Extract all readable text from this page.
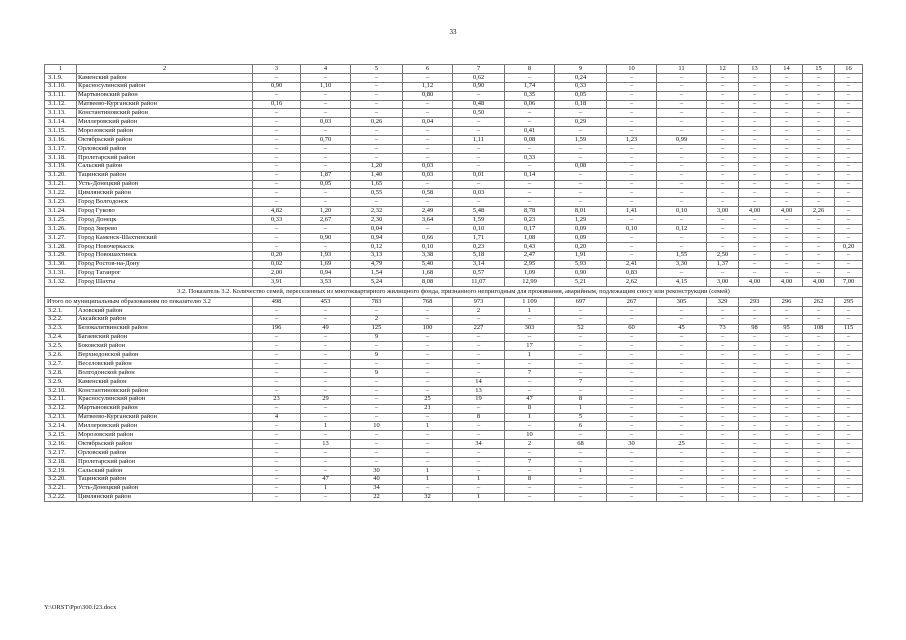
33
1	2	3	4	5	6	7	8	9	10	11	12	13	14	15	16
3.1.9.	Каменский район	–	–	–	–	0,62	–	0,24	–	–	–	–	–	–	–
3.1.10.	Красносулинский район	0,90	1,10	–	1,12	0,90	1,74	0,33	–	–	–	–	–	–	–
3.1.11.	Мартыновский район	–	–	–	0,80	–	0,35	0,05	–	–	–	–	–	–	–
3.1.12.	Матвеево-Курганский район	0,16	–	–	–	0,48	0,06	0,18	–	–	–	–	–	–	–
3.1.13.	Константиновский район	–	–	–	–	0,50	–	–	–	–	–	–	–	–	–
3.1.14.	Миллеровский район	–	0,03	0,26	0,04	–	–	0,29	–	–	–	–	–	–	–
3.1.15.	Морозовский район	–	–	–	–	–	0,41	–	–	–	–	–	–	–	–
3.1.16.	Октябрьский район	–	0,70	–	–	1,11	0,08	1,59	1,23	0,99	–	–	–	–	–
3.1.17.	Орловский район	–	–	–	–	–	–	–	–	–	–	–	–	–	–
3.1.18.	Пролетарский район	–	–	–	–	–	0,33	–	–	–	–	–	–	–	–
3.1.19.	Сальский район	–	–	1,20	0,03	–	–	0,08	–	–	–	–	–	–	–
3.1.20.	Тацинский район	–	1,87	1,40	0,03	0,01	0,14	–	–	–	–	–	–	–	–
3.1.21.	Усть-Донецкий район	–	0,05	1,65	–	–	–	–	–	–	–	–	–	–	–
3.1.22.	Цимлянский район	–	–	0,55	0,58	0,03	–	–	–	–	–	–	–	–	–
3.1.23.	Город Волгодонск	–	–	–	–	–	–	–	–	–	–	–	–	–	–
3.1.24.	Город Гуково	4,82	1,20	2,32	2,49	5,48	8,78	8,01	1,41	0,10	3,00	4,00	4,00	2,26	–
3.1.25.	Город Донецк	0,33	2,67	2,30	3,64	1,59	0,23	1,29	–	–	–	–	–	–	–
3.1.26.	Город Зверево	–	–	0,04	–	0,10	0,17	0,09	0,10	0,12	–	–	–	–	–
3.1.27.	Город Каменск-Шахтинский	–	0,90	0,94	0,66	1,71	1,08	0,09	–	–	–	–	–	–	–
3.1.28.	Город Новочеркасск	–	–	0,12	0,10	0,23	0,43	0,20	–	–	–	–	–	–	0,20
3.1.29.	Город Новошахтинск	0,20	1,93	3,13	3,38	5,18	2,47	1,91	–	1,55	2,50	–	–	–	–
3.1.30.	Город Ростов-на-Дону	0,02	1,69	4,79	5,40	3,14	2,95	5,93	2,41	3,30	1,37	–	–	–	–
3.1.31.	Город Таганрог	2,00	0,94	1,54	1,68	0,57	1,09	0,90	0,83	–	–	–	–	–	–
3.1.32.	Город Шахты	3,91	3,53	5,24	8,08	11,07	12,99	5,21	2,62	4,15	3,00	4,00	4,00	4,00	7,00
3.2. Показатель 3.2. Количество семей, переселенных из многоквартирного жилищного фонда, признанного непригодным для проживания, аварийным, подлежащим сносу или реконструкции (семей)															
Итого по муниципальным образованиям по показателю 3.2		498	453	783	768	973	1 109	697	267	305	329	293	296	262	295
3.2.1.	Азовский район	–	–	–	–	2	1	–	–	–	–	–	–	–	–
3.2.2.	Аксайский район	–	–	2	–	–	–	–	–	–	–	–	–	–	–
3.2.3.	Белокалитвинский район	196	49	125	100	227	303	52	60	45	73	98	95	108	115
3.2.4.	Багаевский район	–	–	9	–	–	–	–	–	–	–	–	–	–	–
3.2.5.	Боковский район	–	–	–	–	–	17	–	–	–	–	–	–	–	–
3.2.6.	Верхнедонской район	–	–	9	–	–	1	–	–	–	–	–	–	–	–
3.2.7.	Веселовский район	–	–	–	–	–	–	–	–	–	–	–	–	–	–
3.2.8.	Волгодонской район	–	–	9	–	–	7	–	–	–	–	–	–	–	–
3.2.9.	Каменский район	–	–	–	–	14	–	7	–	–	–	–	–	–	–
3.2.10.	Константиновский район	–	–	–	–	13	–	–	–	–	–	–	–	–	–
3.2.11.	Красносулинский район	23	29	–	25	19	47	8	–	–	–	–	–	–	–
3.2.12.	Мартыновский район	–	–	–	21	–	8	1	–	–	–	–	–	–	–
3.2.13.	Матвеево-Курганский район	4	–	–	–	8	1	5	–	–	–	–	–	–	–
3.2.14.	Миллеровский район	–	1	10	1	–	–	6	–	–	–	–	–	–	–
3.2.15.	Морозовский район	–	–	–	–	–	10	–	–	–	–	–	–	–	–
3.2.16.	Октябрьский район	–	13	–	–	34	2	68	30	25	–	–	–	–	–
3.2.17.	Орловский район	–	–	–	–	–	–	–	–	–	–	–	–	–	–
3.2.18.	Пролетарский район	–	–	–	–	–	7	–	–	–	–	–	–	–	–
3.2.19.	Сальский район	–	–	30	1	–	–	1	–	–	–	–	–	–	–
3.2.20.	Тацинский район	–	47	40	1	1	8	–	–	–	–	–	–	–	–
3.2.21.	Усть-Донецкий район	–	1	34	–	–	–	–	–	–	–	–	–	–	–
3.2.22.	Цимлянский район	–	–	22	32	1	–	–	–	–	–	–	–	–	–
Y:\ORST\Ppo\300.f23.docx
